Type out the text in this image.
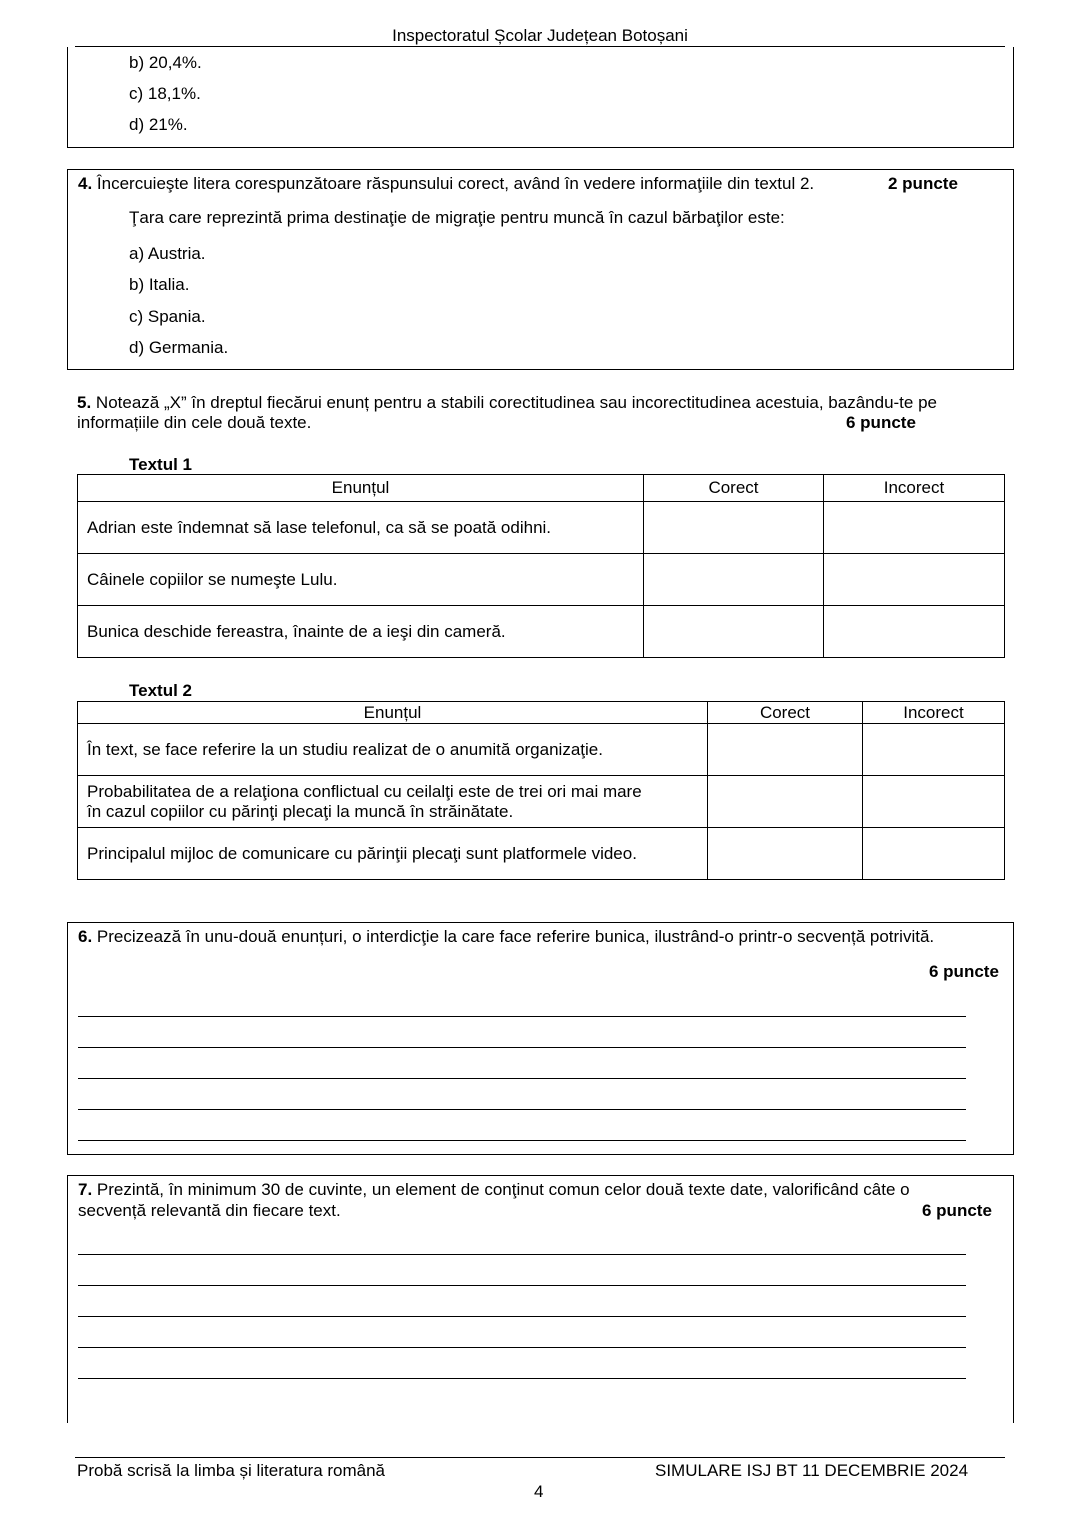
Inspectoratul Școlar Județean Botoșani
b) 20,4%.
c) 18,1%.
d) 21%.
4. Încercuieşte litera corespunzătoare răspunsului corect, având în vedere informaţiile din textul 2.	2 puncte
Ţara care reprezintă prima destinaţie de migraţie pentru muncă în cazul bărbaţilor este:
a) Austria.
b) Italia.
c) Spania.
d) Germania.
5. Notează „X” în dreptul fiecărui enunț pentru a stabili corectitudinea sau incorectitudinea acestuia, bazându-te pe
informațiile din cele două texte.	6 puncte
Textul 1
Enunțul	Corect	Incorect
Adrian este îndemnat să lase telefonul, ca să se poată odihni.		
Câinele copiilor se numeşte Lulu.		
Bunica deschide fereastra, înainte de a ieşi din cameră.		
Textul 2
Enunțul	Corect	Incorect
În text, se face referire la un studiu realizat de o anumită organizaţie.		

Probabilitatea de a relaţiona conflictual cu ceilalţi este de trei ori mai mare
în cazul copiilor cu părinţi plecaţi la muncă în străinătate.		

Principalul mijloc de comunicare cu părinţii plecaţi sunt platformele video.		
6. Precizează în unu-două enunțuri, o interdicţie la care face referire bunica, ilustrând-o printr-o secvență potrivită.
6 puncte
7. Prezintă, în minimum 30 de cuvinte, un element de conţinut comun celor două texte date, valorificând câte o
secvență relevantă din fiecare text.	6 puncte
Probă scrisă la limba și literatura română	SIMULARE ISJ BT 11 DECEMBRIE 2024
4
